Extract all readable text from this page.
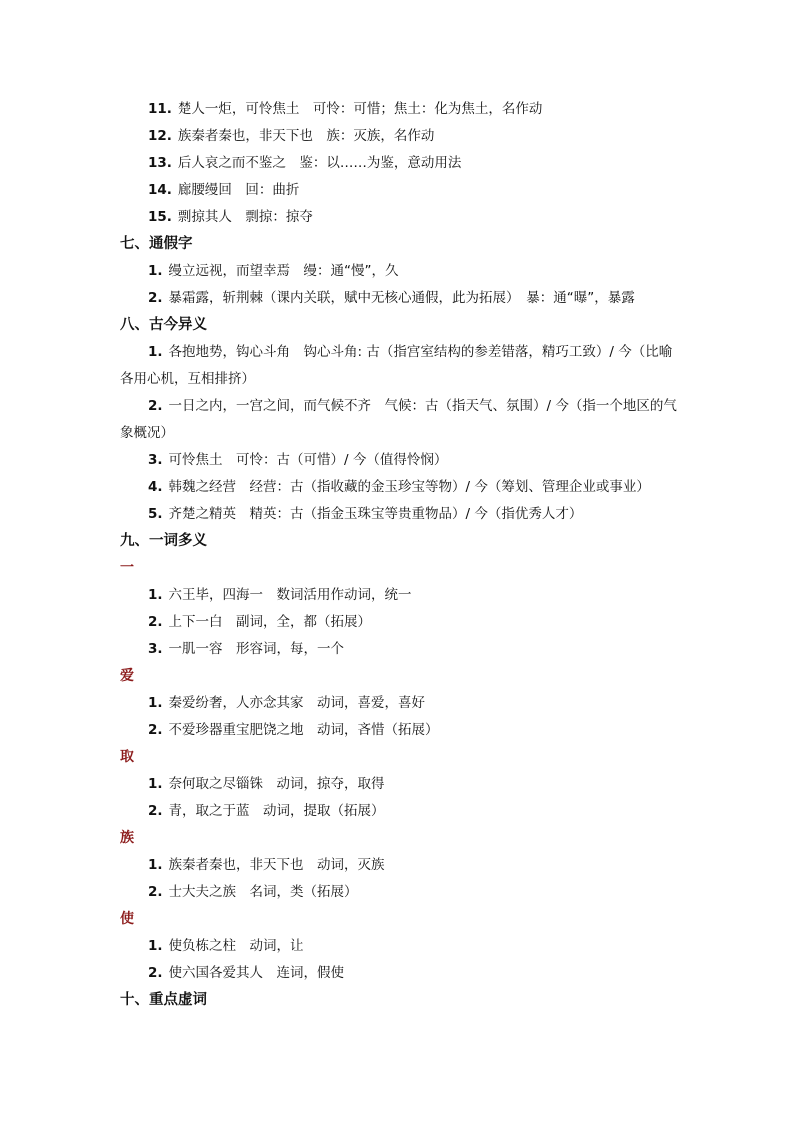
11. 楚人一炬，可怜焦土　可怜：可惜；焦土：化为焦土，名作动
12. 族秦者秦也，非天下也　族：灭族，名作动
13. 后人哀之而不鉴之　鉴：以……为鉴，意动用法
14. 廊腰缦回　回：曲折
15. 剽掠其人　剽掠：掠夺
七、通假字
1. 缦立远视，而望幸焉　缦：通“慢”，久
2. 暴霜露，斩荆棘（课内关联，赋中无核心通假，此为拓展）　暴：通“曝”，暴露
八、古今异义
1. 各抱地势，钩心斗角　钩心斗角: 古（指宫室结构的参差错落，精巧工致）/ 今（比喻各用心机，互相排挤）
2. 一日之内，一宫之间，而气候不齐　气候：古（指天气、氛围）/ 今（指一个地区的气象概况）
3. 可怜焦土　可怜：古（可惜）/ 今（值得怜悯）
4. 韩魏之经营　经营：古（指收藏的金玉珍宝等物）/ 今（筹划、管理企业或事业）
5. 齐楚之精英　精英：古（指金玉珠宝等贵重物品）/ 今（指优秀人才）
九、一词多义
一
1. 六王毕，四海一　数词活用作动词，统一
2. 上下一白　副词，全，都（拓展）
3. 一肌一容　形容词，每，一个
爱
1. 秦爱纷奢，人亦念其家　动词，喜爱，喜好
2. 不爱珍器重宝肥饶之地　动词，吝惜（拓展）
取
1. 奈何取之尽锱铢　动词，掠夺，取得
2. 青，取之于蓝　动词，提取（拓展）
族
1. 族秦者秦也，非天下也　动词，灭族
2. 士大夫之族　名词，类（拓展）
使
1. 使负栋之柱　动词，让
2. 使六国各爱其人　连词，假使
十、重点虚词
